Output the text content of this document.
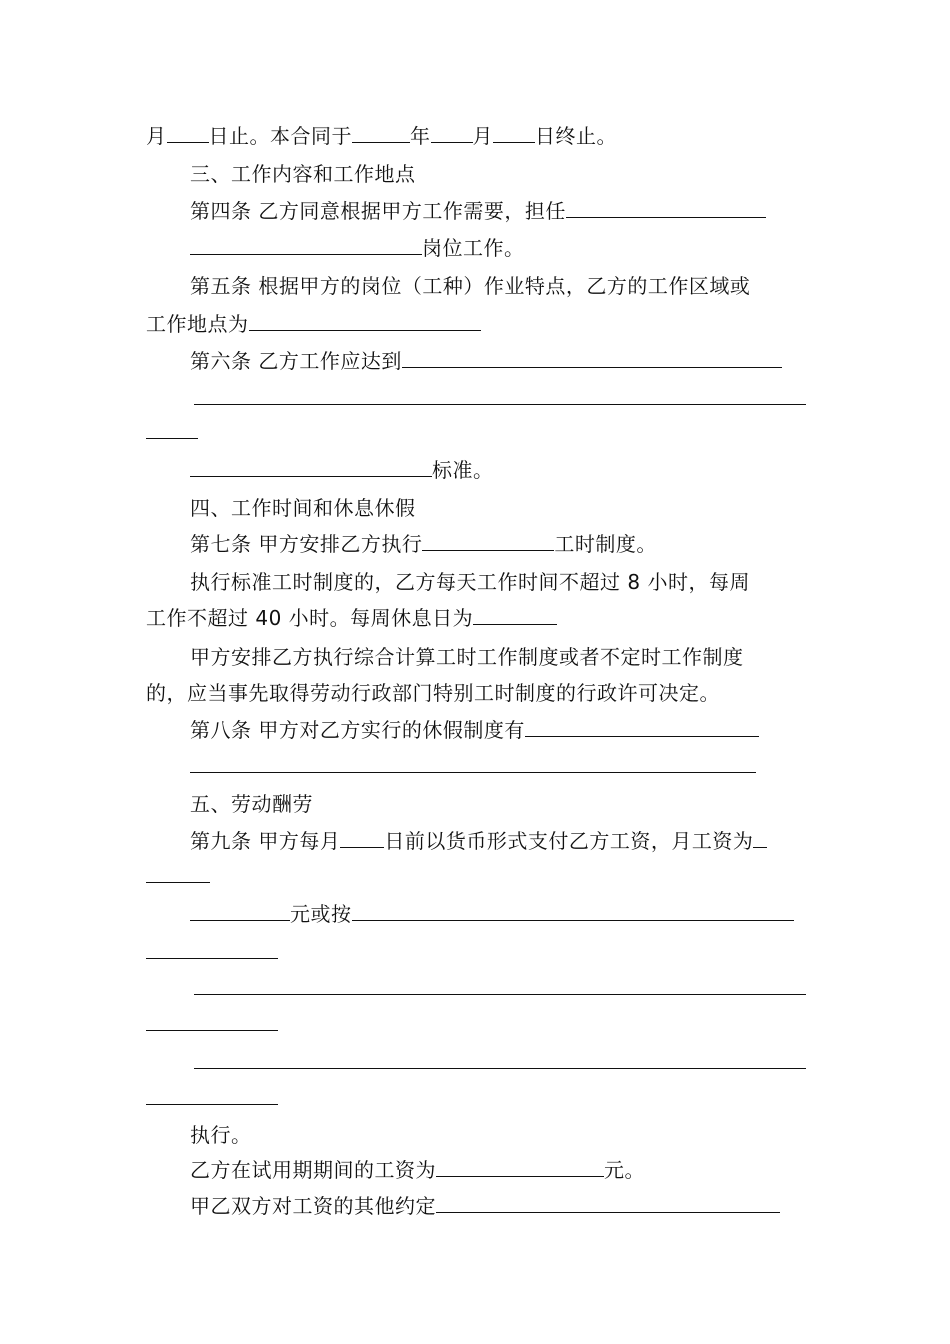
月 日止。本合同于	年 月 日终止。
三、工作内容和工作地点
第四条 乙方同意根据甲方工作需要，担任
岗位工作。
第五条 根据甲方的岗位（工种）作业特点，乙方的工作区域或
工作地点为
第六条 乙方工作应达到
标准。
四、工作时间和休息休假
第七条 甲方安排乙方执行	工时制度。
执行标准工时制度的，乙方每天工作时间不超过 8 小时，每周
工作不超过 40 小时。每周休息日为
甲方安排乙方执行综合计算工时工作制度或者不定时工作制度
的，应当事先取得劳动行政部门特别工时制度的行政许可决定。
第八条 甲方对乙方实行的休假制度有
五、劳动酬劳
第九条 甲方每月 日前以货币形式支付乙方工资，月工资为
元或按
执行。
乙方在试用期期间的工资为	元。
甲乙双方对工资的其他约定
